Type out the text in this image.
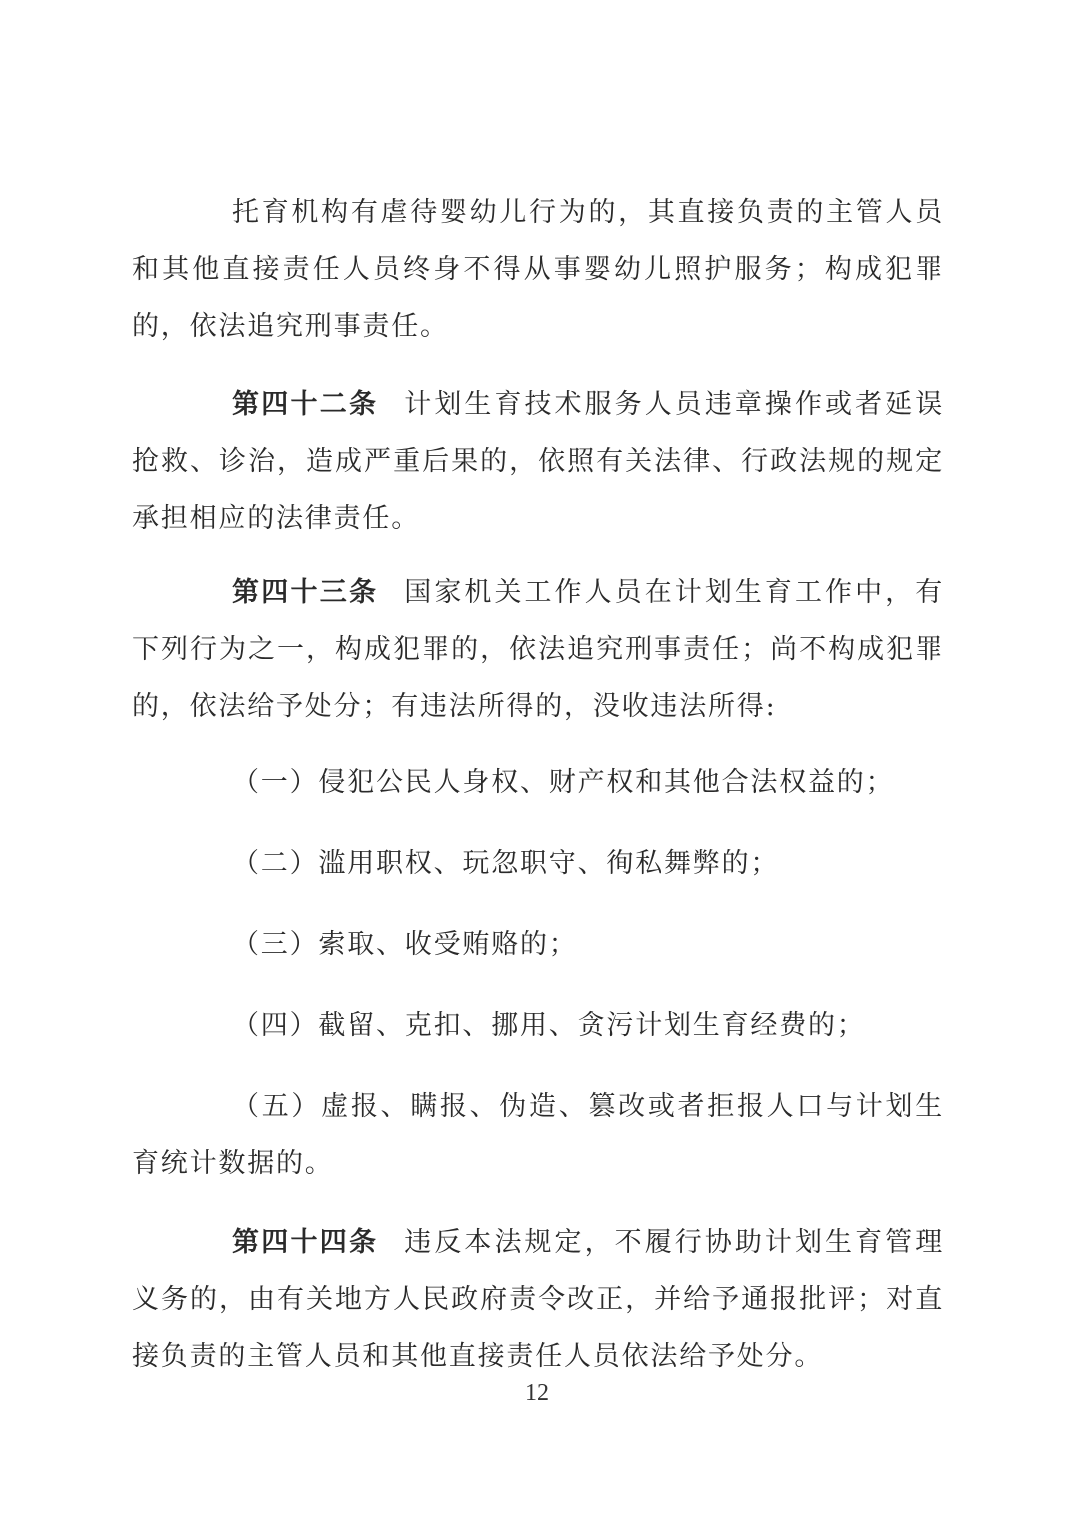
托育机构有虐待婴幼儿行为的，其直接负责的主管人员和其他直接责任人员终身不得从事婴幼儿照护服务；构成犯罪的，依法追究刑事责任。

第四十二条 计划生育技术服务人员违章操作或者延误抢救、诊治，造成严重后果的，依照有关法律、行政法规的规定承担相应的法律责任。

第四十三条 国家机关工作人员在计划生育工作中，有下列行为之一，构成犯罪的，依法追究刑事责任；尚不构成犯罪的，依法给予处分；有违法所得的，没收违法所得:

（一）侵犯公民人身权、财产权和其他合法权益的；

（二）滥用职权、玩忽职守、徇私舞弊的；

（三）索取、收受贿赂的；

（四）截留、克扣、挪用、贪污计划生育经费的；

（五）虚报、瞒报、伪造、篡改或者拒报人口与计划生育统计数据的。

第四十四条 违反本法规定，不履行协助计划生育管理义务的，由有关地方人民政府责令改正，并给予通报批评；对直接负责的主管人员和其他直接责任人员依法给予处分。

12
